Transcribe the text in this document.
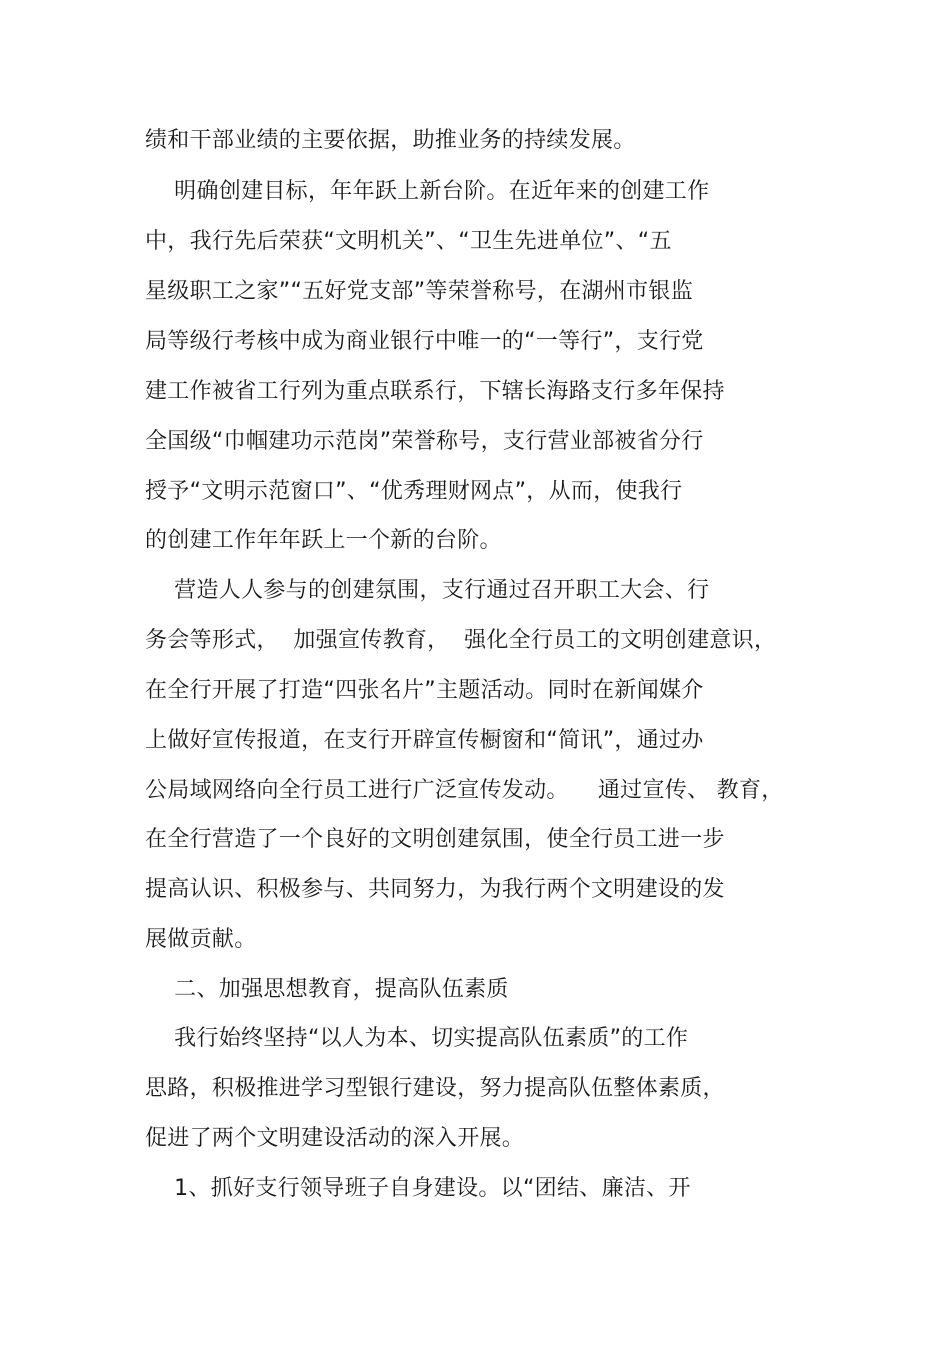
绩和干部业绩的主要依据，助推业务的持续发展。
明确创建目标，年年跃上新台阶。在近年来的创建工作
中，我行先后荣获“文明机关”、“卫生先进单位”、“五
星级职工之家”“五好党支部”等荣誉称号，在湖州市银监
局等级行考核中成为商业银行中唯一的“一等行”，支行党
建工作被省工行列为重点联系行，下辖长海路支行多年保持
全国级“巾帼建功示范岗”荣誉称号，支行营业部被省分行
授予“文明示范窗口”、“优秀理财网点”，从而，使我行
的创建工作年年跃上一个新的台阶。
营造人人参与的创建氛围，支行通过召开职工大会、行
务会等形式，  加强宣传教育，  强化全行员工的文明创建意识，
在全行开展了打造“四张名片”主题活动。同时在新闻媒介
上做好宣传报道，在支行开辟宣传橱窗和“简讯”，通过办
公局域网络向全行员工进行广泛宣传发动。    通过宣传、 教育，
在全行营造了一个良好的文明创建氛围，使全行员工进一步
提高认识、积极参与、共同努力，为我行两个文明建设的发
展做贡献。
二、加强思想教育，提高队伍素质
我行始终坚持“以人为本、切实提高队伍素质”的工作
思路，积极推进学习型银行建设，努力提高队伍整体素质，
促进了两个文明建设活动的深入开展。
1、抓好支行领导班子自身建设。以“团结、廉洁、开
